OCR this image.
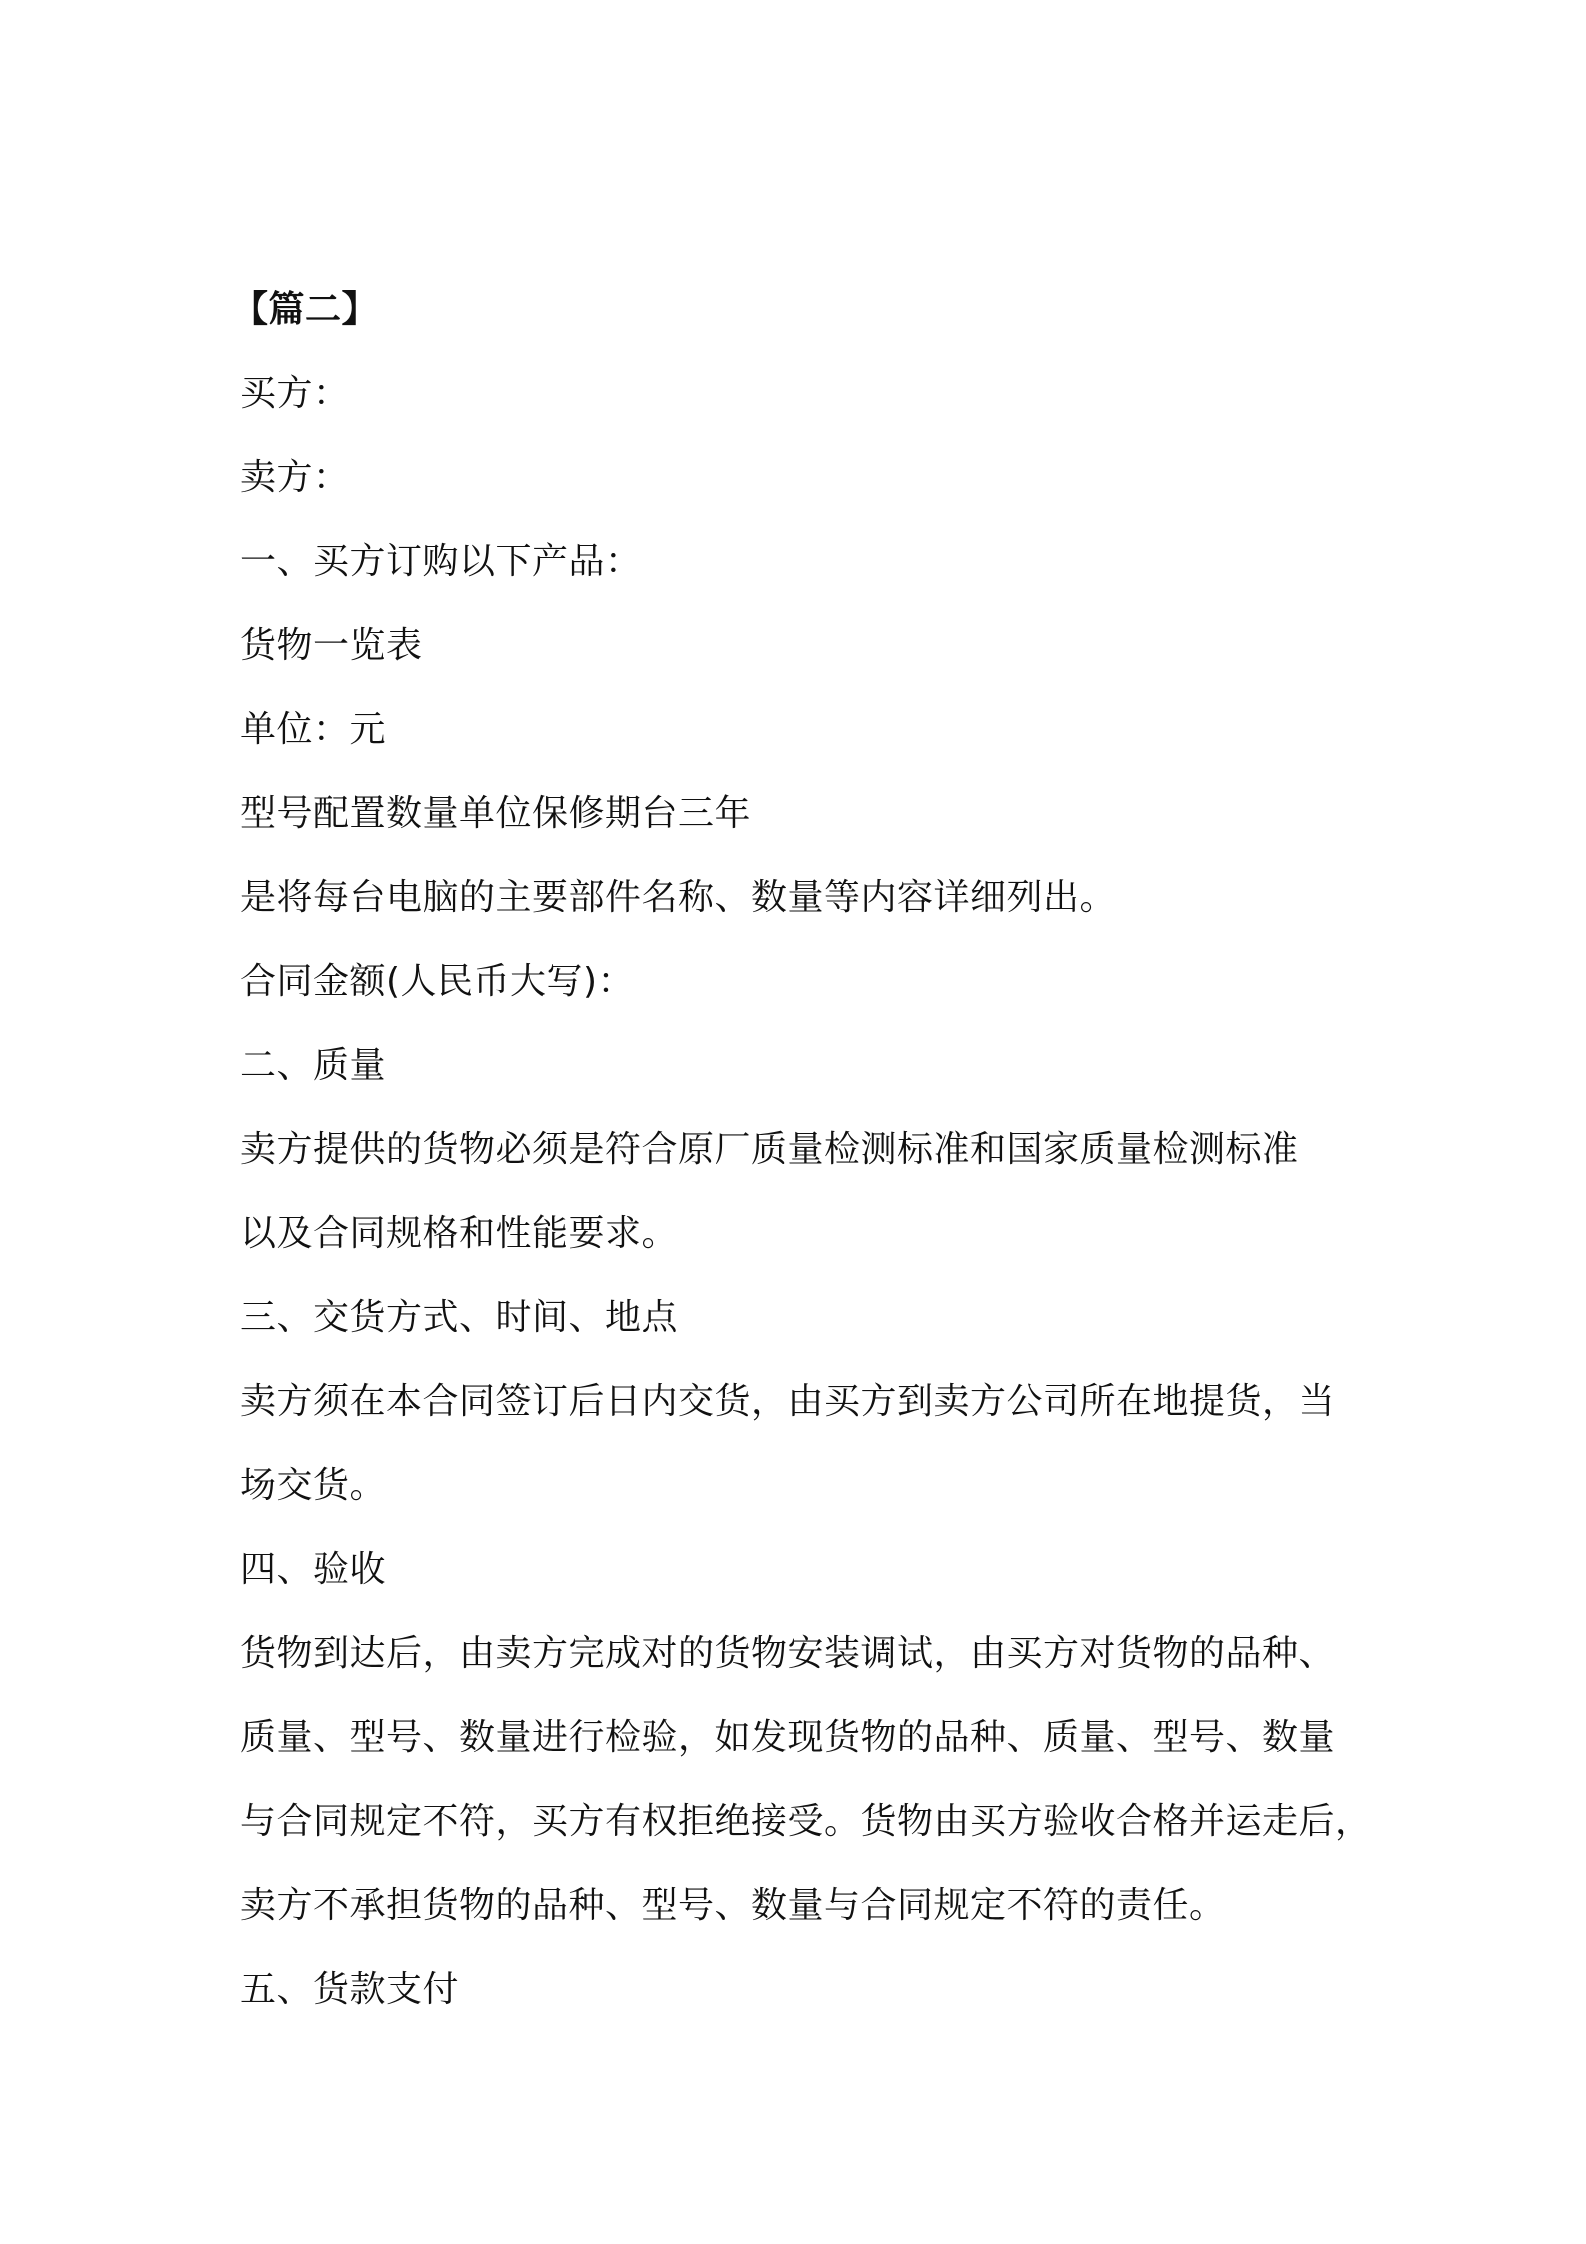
【篇二】
买方：
卖方：
一、买方订购以下产品：
货物一览表
单位：元
型号配置数量单位保修期台三年
是将每台电脑的主要部件名称、数量等内容详细列出。
合同金额(人民币大写)：
二、质量
卖方提供的货物必须是符合原厂质量检测标准和国家质量检测标准
以及合同规格和性能要求。
三、交货方式、时间、地点
卖方须在本合同签订后日内交货，由买方到卖方公司所在地提货，当
场交货。
四、验收
货物到达后，由卖方完成对的货物安装调试，由买方对货物的品种、
质量、型号、数量进行检验，如发现货物的品种、质量、型号、数量
与合同规定不符，买方有权拒绝接受。货物由买方验收合格并运走后，
卖方不承担货物的品种、型号、数量与合同规定不符的责任。
五、货款支付
